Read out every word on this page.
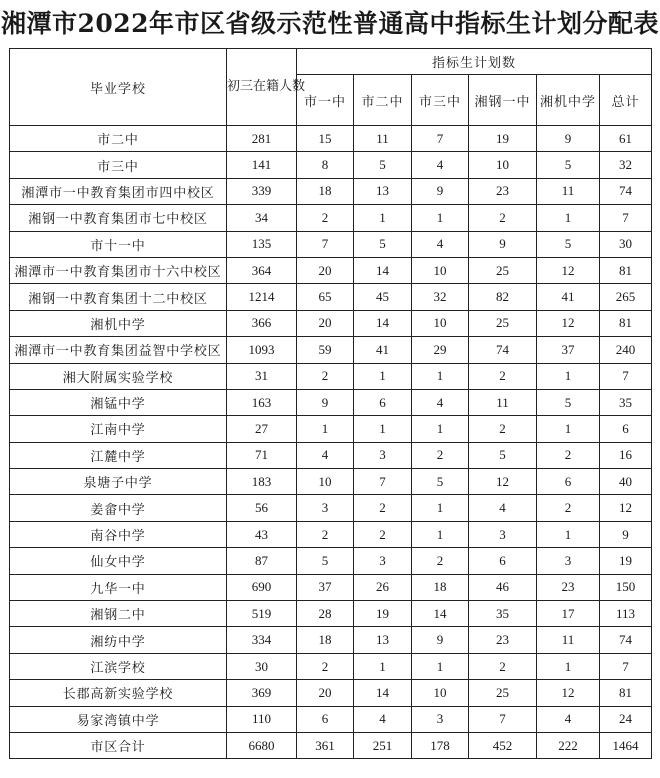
湘潭市2022年市区省级示范性普通高中指标生计划分配表
毕业学校	初三在籍人数	指标生计划数					
		市一中	市二中	市三中	湘钢一中	湘机中学	总计
市二中	281	15	11	7	19	9	61
市三中	141	8	5	4	10	5	32
湘潭市一中教育集团市四中校区	339	18	13	9	23	11	74
湘钢一中教育集团市七中校区	34	2	1	1	2	1	7
市十一中	135	7	5	4	9	5	30
湘潭市一中教育集团市十六中校区	364	20	14	10	25	12	81
湘钢一中教育集团十二中校区	1214	65	45	32	82	41	265
湘机中学	366	20	14	10	25	12	81
湘潭市一中教育集团益智中学校区	1093	59	41	29	74	37	240
湘大附属实验学校	31	2	1	1	2	1	7
湘锰中学	163	9	6	4	11	5	35
江南中学	27	1	1	1	2	1	6
江麓中学	71	4	3	2	5	2	16
泉塘子中学	183	10	7	5	12	6	40
姜畲中学	56	3	2	1	4	2	12
南谷中学	43	2	2	1	3	1	9
仙女中学	87	5	3	2	6	3	19
九华一中	690	37	26	18	46	23	150
湘钢二中	519	28	19	14	35	17	113
湘纺中学	334	18	13	9	23	11	74
江滨学校	30	2	1	1	2	1	7
长郡高新实验学校	369	20	14	10	25	12	81
易家湾镇中学	110	6	4	3	7	4	24
市区合计	6680	361	251	178	452	222	1464
